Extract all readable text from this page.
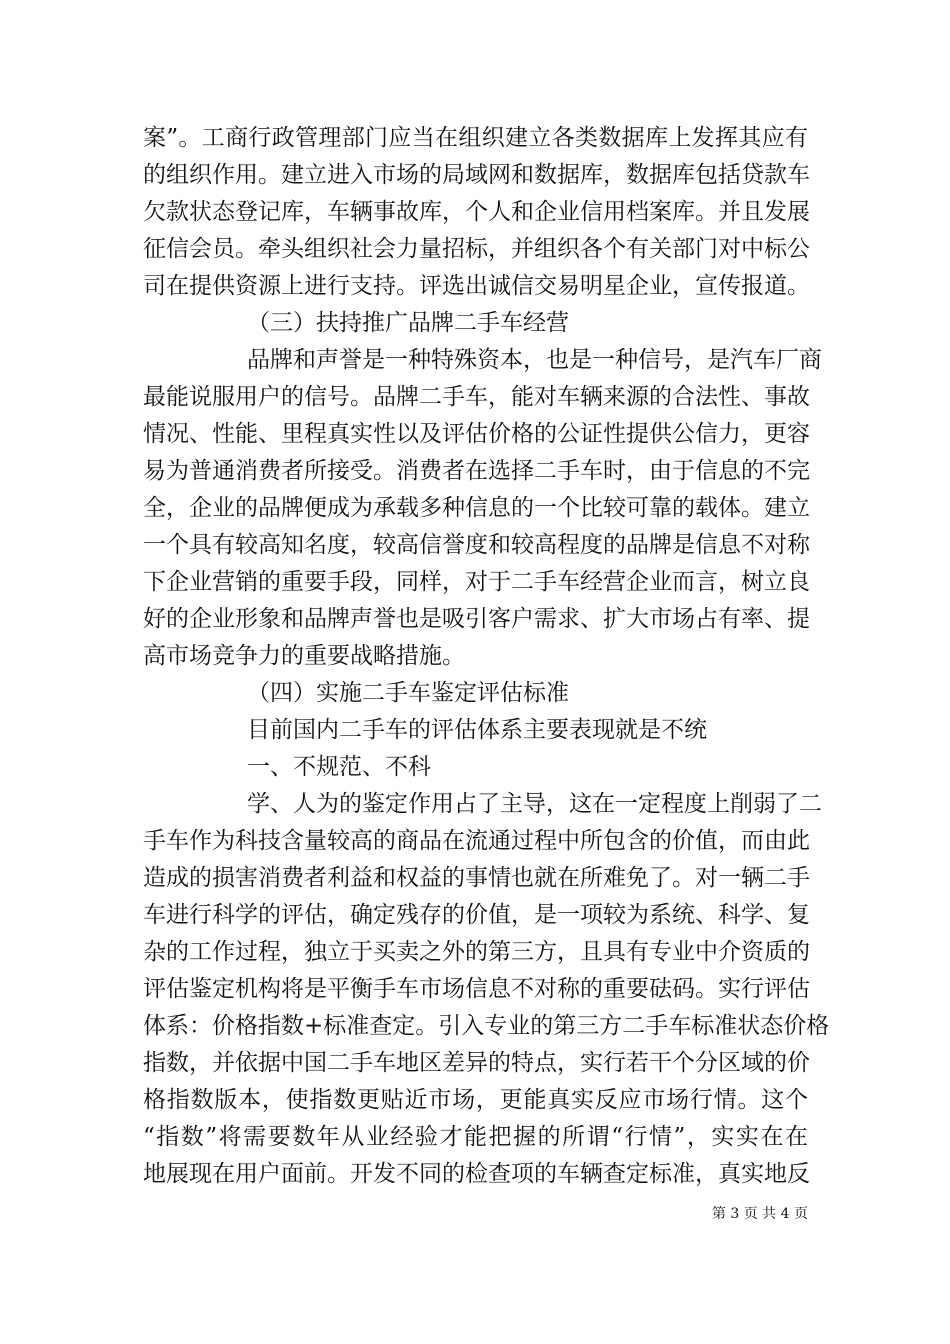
案”。工商行政管理部门应当在组织建立各类数据库上发挥其应有
的组织作用。建立进入市场的局域网和数据库，数据库包括贷款车
欠款状态登记库，车辆事故库，个人和企业信用档案库。并且发展
征信会员。牵头组织社会力量招标，并组织各个有关部门对中标公
司在提供资源上进行支持。评选出诚信交易明星企业，宣传报道。
（三）扶持推广品牌二手车经营
品牌和声誉是一种特殊资本，也是一种信号，是汽车厂商
最能说服用户的信号。品牌二手车，能对车辆来源的合法性、事故
情况、性能、里程真实性以及评估价格的公证性提供公信力，更容
易为普通消费者所接受。消费者在选择二手车时，由于信息的不完
全，企业的品牌便成为承载多种信息的一个比较可靠的载体。建立
一个具有较高知名度，较高信誉度和较高程度的品牌是信息不对称
下企业营销的重要手段，同样，对于二手车经营企业而言，树立良
好的企业形象和品牌声誉也是吸引客户需求、扩大市场占有率、提
高市场竞争力的重要战略措施。
（四）实施二手车鉴定评估标准
目前国内二手车的评估体系主要表现就是不统
一、不规范、不科
学、人为的鉴定作用占了主导，这在一定程度上削弱了二
手车作为科技含量较高的商品在流通过程中所包含的价值，而由此
造成的损害消费者利益和权益的事情也就在所难免了。对一辆二手
车进行科学的评估，确定残存的价值，是一项较为系统、科学、复
杂的工作过程，独立于买卖之外的第三方，且具有专业中介资质的
评估鉴定机构将是平衡手车市场信息不对称的重要砝码。实行评估
体系：价格指数+标准查定。引入专业的第三方二手车标准状态价格
指数，并依据中国二手车地区差异的特点，实行若干个分区域的价
格指数版本，使指数更贴近市场，更能真实反应市场行情。这个
“指数”将需要数年从业经验才能把握的所谓“行情”，实实在在
地展现在用户面前。开发不同的检查项的车辆查定标准，真实地反
第 3 页 共 4 页
